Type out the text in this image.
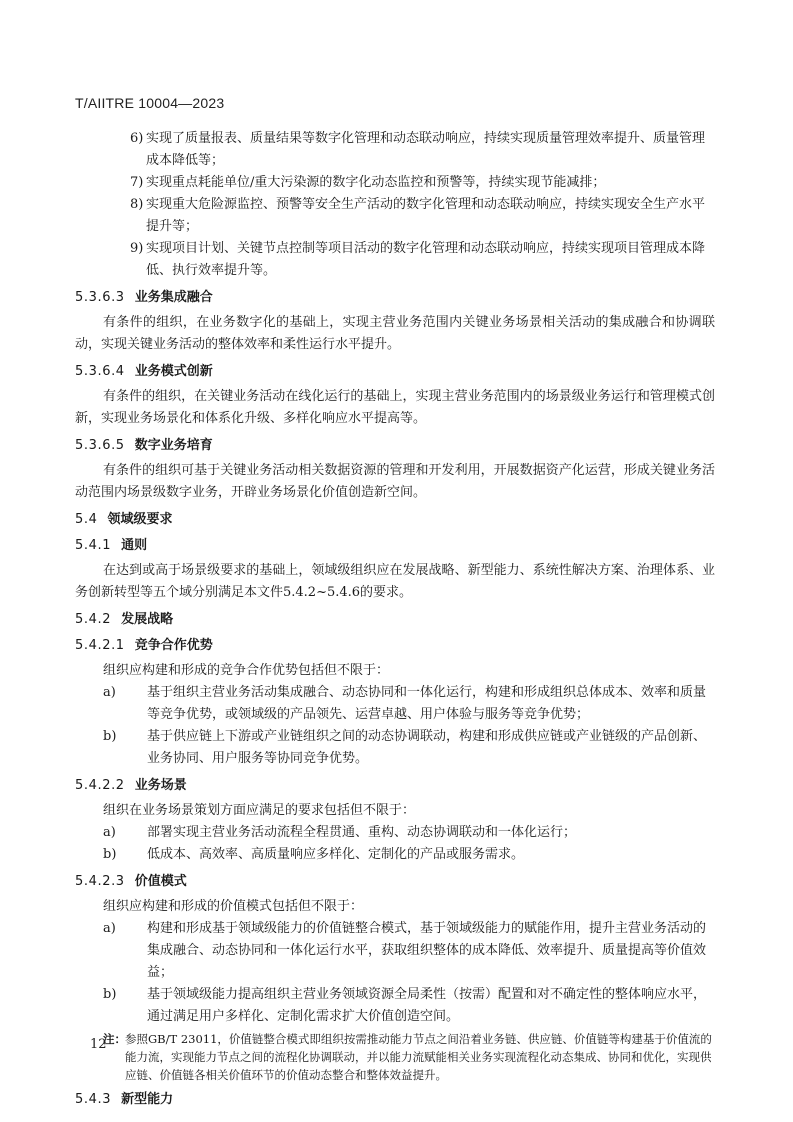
T/AIITRE 10004—2023
6) 实现了质量报表、质量结果等数字化管理和动态联动响应，持续实现质量管理效率提升、质量管理成本降低等；
7) 实现重点耗能单位/重大污染源的数字化动态监控和预警等，持续实现节能减排；
8) 实现重大危险源监控、预警等安全生产活动的数字化管理和动态联动响应，持续实现安全生产水平提升等；
9) 实现项目计划、关键节点控制等项目活动的数字化管理和动态联动响应，持续实现项目管理成本降低、执行效率提升等。
5.3.6.3 业务集成融合
有条件的组织，在业务数字化的基础上，实现主营业务范围内关键业务场景相关活动的集成融合和协调联动，实现关键业务活动的整体效率和柔性运行水平提升。
5.3.6.4 业务模式创新
有条件的组织，在关键业务活动在线化运行的基础上，实现主营业务范围内的场景级业务运行和管理模式创新，实现业务场景化和体系化升级、多样化响应水平提高等。
5.3.6.5 数字业务培育
有条件的组织可基于关键业务活动相关数据资源的管理和开发利用，开展数据资产化运营，形成关键业务活动范围内场景级数字业务，开辟业务场景化价值创造新空间。
5.4 领域级要求
5.4.1 通则
在达到或高于场景级要求的基础上，领域级组织应在发展战略、新型能力、系统性解决方案、治理体系、业务创新转型等五个域分别满足本文件5.4.2~5.4.6的要求。
5.4.2 发展战略
5.4.2.1 竞争合作优势
组织应构建和形成的竞争合作优势包括但不限于：
a) 基于组织主营业务活动集成融合、动态协同和一体化运行，构建和形成组织总体成本、效率和质量等竞争优势，或领域级的产品领先、运营卓越、用户体验与服务等竞争优势；
b) 基于供应链上下游或产业链组织之间的动态协调联动，构建和形成供应链或产业链级的产品创新、业务协同、用户服务等协同竞争优势。
5.4.2.2 业务场景
组织在业务场景策划方面应满足的要求包括但不限于：
a) 部署实现主营业务活动流程全程贯通、重构、动态协调联动和一体化运行；
b) 低成本、高效率、高质量响应多样化、定制化的产品或服务需求。
5.4.2.3 价值模式
组织应构建和形成的价值模式包括但不限于：
a) 构建和形成基于领域级能力的价值链整合模式，基于领域级能力的赋能作用，提升主营业务活动的集成融合、动态协同和一体化运行水平，获取组织整体的成本降低、效率提升、质量提高等价值效益；
b) 基于领域级能力提高组织主营业务领域资源全局柔性（按需）配置和对不确定性的整体响应水平，通过满足用户多样化、定制化需求扩大价值创造空间。
注： 参照GB/T 23011，价值链整合模式即组织按需推动能力节点之间沿着业务链、供应链、价值链等构建基于价值流的能力流，实现能力节点之间的流程化协调联动，并以能力流赋能相关业务实现流程化动态集成、协同和优化，实现供应链、价值链各相关价值环节的价值动态整合和整体效益提升。
5.4.3 新型能力
12
